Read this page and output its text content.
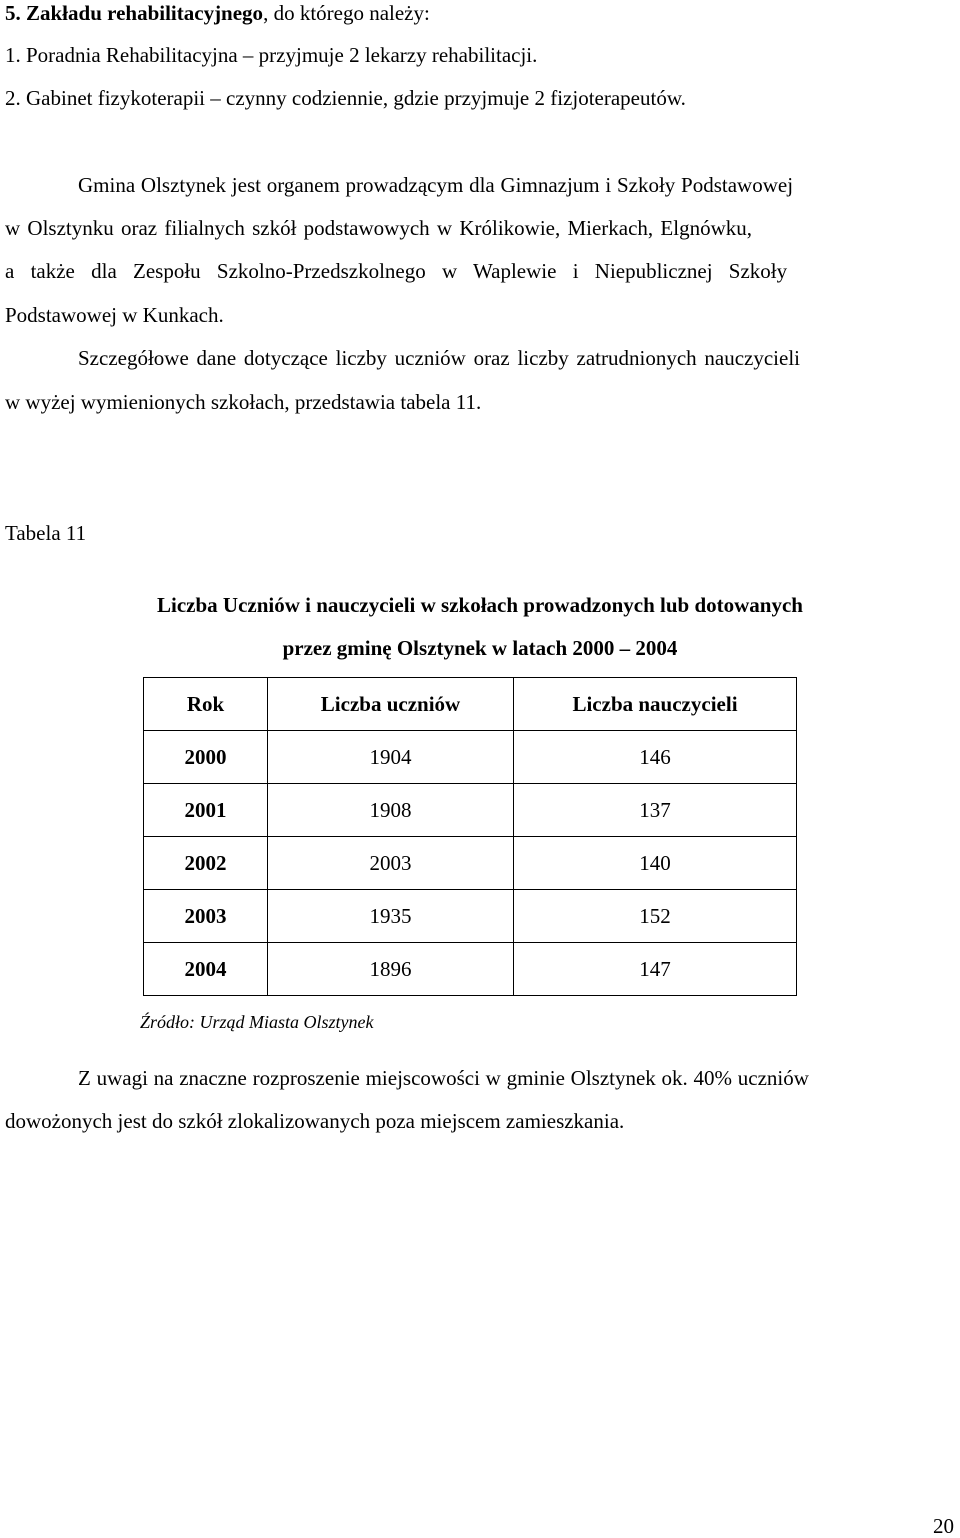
5. Zakładu rehabilitacyjnego, do którego należy:
1. Poradnia Rehabilitacyjna – przyjmuje 2 lekarzy rehabilitacji.
2. Gabinet fizykoterapii – czynny codziennie, gdzie przyjmuje 2 fizjoterapeutów.
Gmina Olsztynek jest organem prowadzącym dla Gimnazjum i Szkoły Podstawowej
w Olsztynku oraz filialnych szkół podstawowych w Królikowie, Mierkach, Elgnówku,
a także dla Zespołu Szkolno-Przedszkolnego w Waplewie i Niepublicznej Szkoły
Podstawowej w Kunkach.
Szczegółowe dane dotyczące liczby uczniów oraz liczby zatrudnionych nauczycieli
w wyżej wymienionych szkołach, przedstawia tabela 11.
Tabela 11
Liczba Uczniów i nauczycieli w szkołach prowadzonych lub dotowanych
przez gminę Olsztynek w latach 2000 – 2004
Rok	Liczba uczniów	Liczba nauczycieli
2000	1904	146
2001	1908	137
2002	2003	140
2003	1935	152
2004	1896	147
Źródło: Urząd Miasta Olsztynek
Z uwagi na znaczne rozproszenie miejscowości w gminie Olsztynek ok. 40% uczniów
dowożonych jest do szkół zlokalizowanych poza miejscem zamieszkania.
20
